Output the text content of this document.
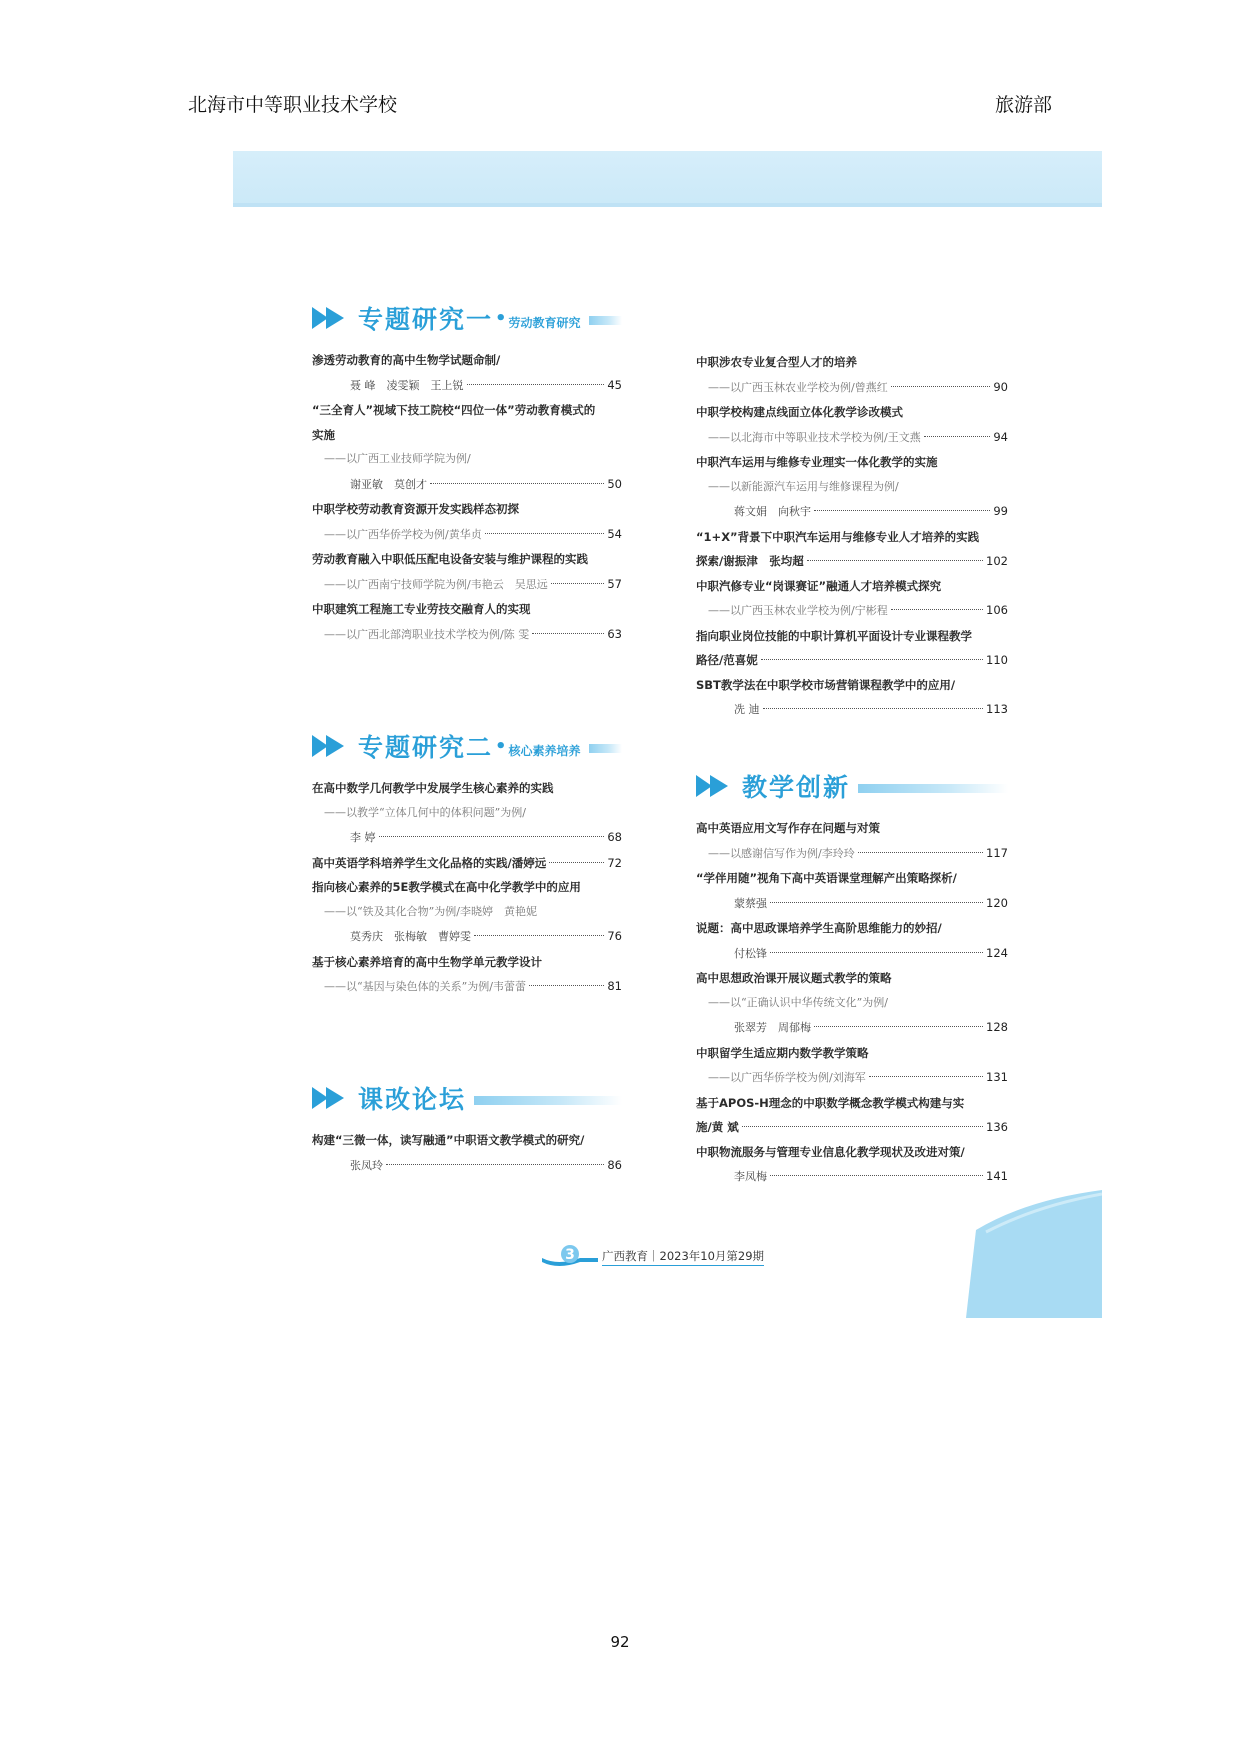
北海市中等职业技术学校	旅游部
专题研究一 • 劳动教育研究
渗透劳动教育的高中生物学试题命制/
聂 峰　凌雯颖　王上锐	45
“三全育人”视域下技工院校“四位一体”劳动教育模式的
实施
——以广西工业技师学院为例/
谢亚敏　莫创才	50
中职学校劳动教育资源开发实践样态初探
——以广西华侨学校为例/黄华贞	54
劳动教育融入中职低压配电设备安装与维护课程的实践
——以广西南宁技师学院为例/韦艳云　吴思远	57
中职建筑工程施工专业劳技交融育人的实现
——以广西北部湾职业技术学校为例/陈 雯	63
专题研究二 • 核心素养培养
在高中数学几何教学中发展学生核心素养的实践
——以教学“立体几何中的体积问题”为例/
李 婷	68
高中英语学科培养学生文化品格的实践/潘婷远	72
指向核心素养的5E教学模式在高中化学教学中的应用
——以“铁及其化合物”为例/李晓婷　黄艳妮
莫秀庆　张梅敏　曹婷雯	76
基于核心素养培育的高中生物学单元教学设计
——以“基因与染色体的关系”为例/韦蕾蕾	81
课改论坛
构建“三微一体，读写融通”中职语文教学模式的研究/
张凤玲	86
中职涉农专业复合型人才的培养
——以广西玉林农业学校为例/曾燕红	90
中职学校构建点线面立体化教学诊改模式
——以北海市中等职业技术学校为例/王文燕	94
中职汽车运用与维修专业理实一体化教学的实施
——以新能源汽车运用与维修课程为例/
蒋文娟　向秋宇	99
“1+X”背景下中职汽车运用与维修专业人才培养的实践
探索/谢振津　张均超	102
中职汽修专业“岗课赛证”融通人才培养模式探究
——以广西玉林农业学校为例/宁彬程	106
指向职业岗位技能的中职计算机平面设计专业课程教学
路径/范喜妮	110
SBT教学法在中职学校市场营销课程教学中的应用/
冼 迪	113
教学创新
高中英语应用文写作存在问题与对策
——以感谢信写作为例/李玲玲	117
“学伴用随”视角下高中英语课堂理解产出策略探析/
蒙蔡强	120
说题：高中思政课培养学生高阶思维能力的妙招/
付松锋	124
高中思想政治课开展议题式教学的策略
——以“正确认识中华传统文化”为例/
张翠芳　周郁梅	128
中职留学生适应期内数学教学策略
——以广西华侨学校为例/刘海军	131
基于APOS-H理念的中职数学概念教学模式构建与实
施/黄 斌	136
中职物流服务与管理专业信息化教学现状及改进对策/
李凤梅	141
3 广西教育｜2023年10月第29期
92
